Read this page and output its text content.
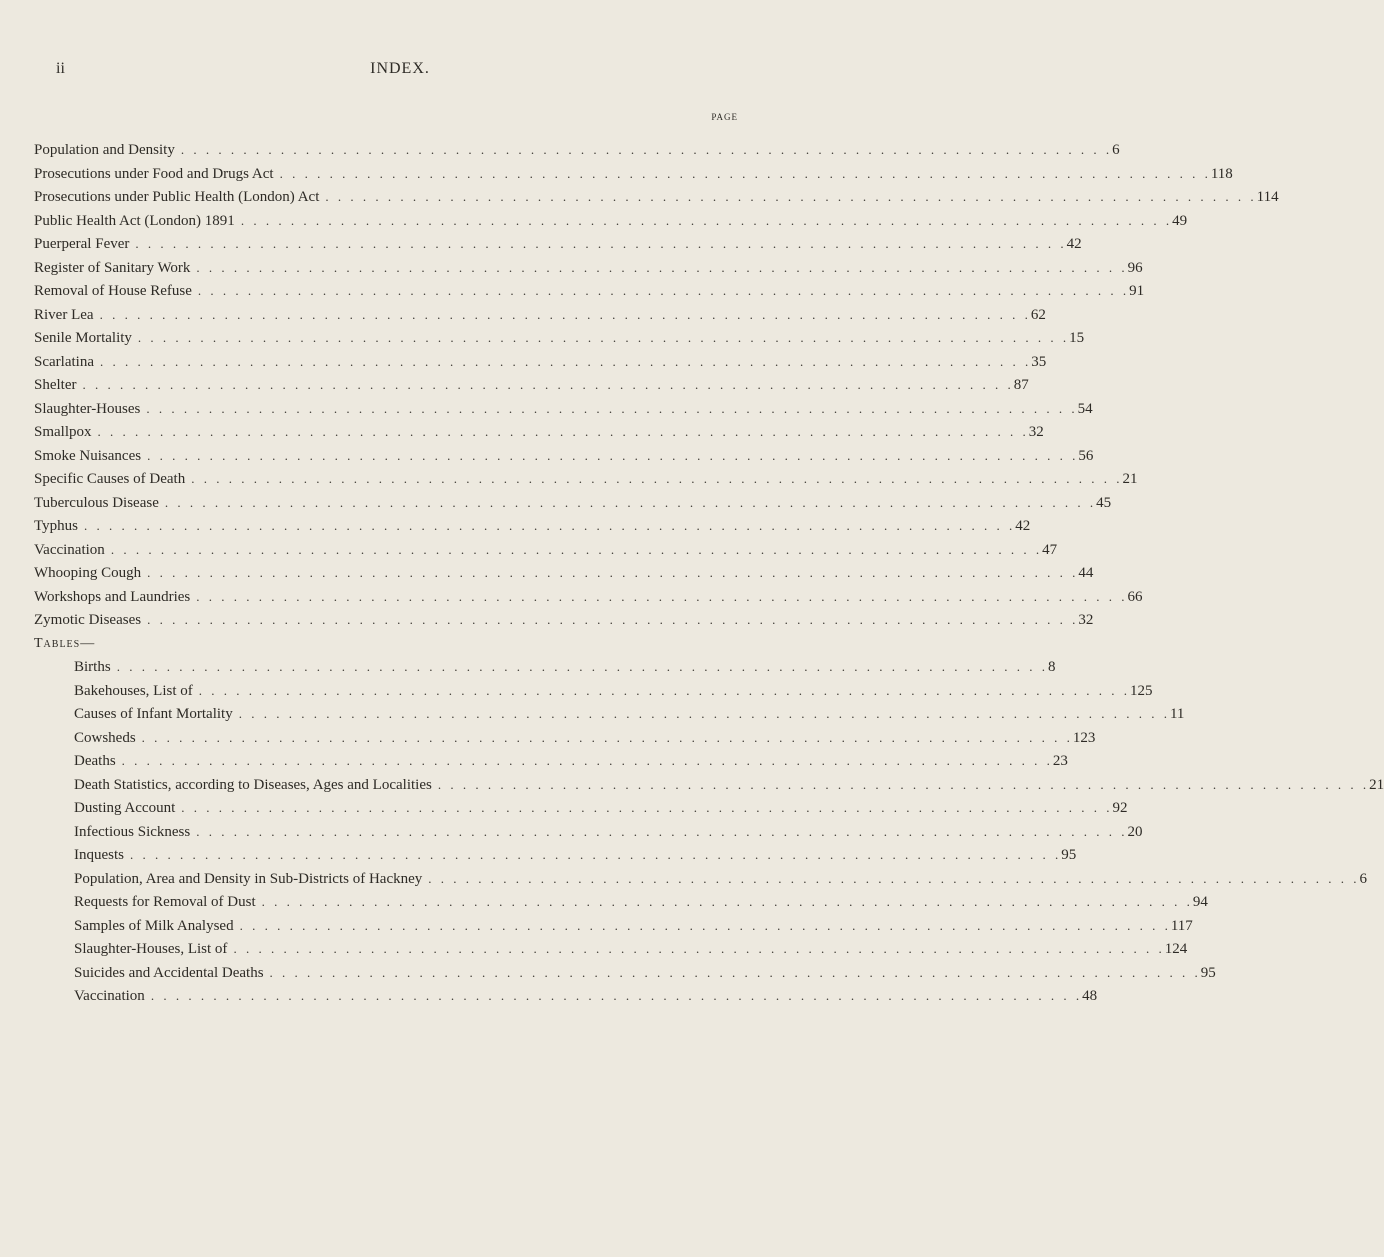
ii	INDEX.
PAGE
Population and Density . . . . . . . . . . . . . . . . . . . . . . . . . . . . . . . . . . . . . . . . . . . . . . . . . . . . . . . . . . . . . . . . . . . . . . . . . . . 6
Prosecutions under Food and Drugs Act . . . . . . . . . . . . . . . . . . . . . . . . . . . . . . . . . . . . . . . . . . . . . . . . . . . . . . . . . . . . . . . . . . . . . . . . . . . 118
Prosecutions under Public Health (London) Act . . . . . . . . . . . . . . . . . . . . . . . . . . . . . . . . . . . . . . . . . . . . . . . . . . . . . . . . . . . . . . . . . . . . . . . . . . . 114
Public Health Act (London) 1891 . . . . . . . . . . . . . . . . . . . . . . . . . . . . . . . . . . . . . . . . . . . . . . . . . . . . . . . . . . . . . . . . . . . . . . . . . . . 49
Puerperal Fever . . . . . . . . . . . . . . . . . . . . . . . . . . . . . . . . . . . . . . . . . . . . . . . . . . . . . . . . . . . . . . . . . . . . . . . . . . . 42
Register of Sanitary Work . . . . . . . . . . . . . . . . . . . . . . . . . . . . . . . . . . . . . . . . . . . . . . . . . . . . . . . . . . . . . . . . . . . . . . . . . . . 96
Removal of House Refuse . . . . . . . . . . . . . . . . . . . . . . . . . . . . . . . . . . . . . . . . . . . . . . . . . . . . . . . . . . . . . . . . . . . . . . . . . . . 91
River Lea . . . . . . . . . . . . . . . . . . . . . . . . . . . . . . . . . . . . . . . . . . . . . . . . . . . . . . . . . . . . . . . . . . . . . . . . . . . 62
Senile Mortality . . . . . . . . . . . . . . . . . . . . . . . . . . . . . . . . . . . . . . . . . . . . . . . . . . . . . . . . . . . . . . . . . . . . . . . . . . . 15
Scarlatina . . . . . . . . . . . . . . . . . . . . . . . . . . . . . . . . . . . . . . . . . . . . . . . . . . . . . . . . . . . . . . . . . . . . . . . . . . . 35
Shelter . . . . . . . . . . . . . . . . . . . . . . . . . . . . . . . . . . . . . . . . . . . . . . . . . . . . . . . . . . . . . . . . . . . . . . . . . . . 87
Slaughter-Houses . . . . . . . . . . . . . . . . . . . . . . . . . . . . . . . . . . . . . . . . . . . . . . . . . . . . . . . . . . . . . . . . . . . . . . . . . . . 54
Smallpox . . . . . . . . . . . . . . . . . . . . . . . . . . . . . . . . . . . . . . . . . . . . . . . . . . . . . . . . . . . . . . . . . . . . . . . . . . . 32
Smoke Nuisances . . . . . . . . . . . . . . . . . . . . . . . . . . . . . . . . . . . . . . . . . . . . . . . . . . . . . . . . . . . . . . . . . . . . . . . . . . . 56
Specific Causes of Death . . . . . . . . . . . . . . . . . . . . . . . . . . . . . . . . . . . . . . . . . . . . . . . . . . . . . . . . . . . . . . . . . . . . . . . . . . . 21
Tuberculous Disease . . . . . . . . . . . . . . . . . . . . . . . . . . . . . . . . . . . . . . . . . . . . . . . . . . . . . . . . . . . . . . . . . . . . . . . . . . . 45
Typhus . . . . . . . . . . . . . . . . . . . . . . . . . . . . . . . . . . . . . . . . . . . . . . . . . . . . . . . . . . . . . . . . . . . . . . . . . . . 42
Vaccination . . . . . . . . . . . . . . . . . . . . . . . . . . . . . . . . . . . . . . . . . . . . . . . . . . . . . . . . . . . . . . . . . . . . . . . . . . . 47
Whooping Cough . . . . . . . . . . . . . . . . . . . . . . . . . . . . . . . . . . . . . . . . . . . . . . . . . . . . . . . . . . . . . . . . . . . . . . . . . . . 44
Workshops and Laundries . . . . . . . . . . . . . . . . . . . . . . . . . . . . . . . . . . . . . . . . . . . . . . . . . . . . . . . . . . . . . . . . . . . . . . . . . . . 66
Zymotic Diseases . . . . . . . . . . . . . . . . . . . . . . . . . . . . . . . . . . . . . . . . . . . . . . . . . . . . . . . . . . . . . . . . . . . . . . . . . . . 32
Tables—
Births . . . . . . . . . . . . . . . . . . . . . . . . . . . . . . . . . . . . . . . . . . . . . . . . . . . . . . . . . . . . . . . . . . . . . . . . . . . 8
Bakehouses, List of . . . . . . . . . . . . . . . . . . . . . . . . . . . . . . . . . . . . . . . . . . . . . . . . . . . . . . . . . . . . . . . . . . . . . . . . . . . 125
Causes of Infant Mortality . . . . . . . . . . . . . . . . . . . . . . . . . . . . . . . . . . . . . . . . . . . . . . . . . . . . . . . . . . . . . . . . . . . . . . . . . . . 11
Cowsheds . . . . . . . . . . . . . . . . . . . . . . . . . . . . . . . . . . . . . . . . . . . . . . . . . . . . . . . . . . . . . . . . . . . . . . . . . . . 123
Deaths . . . . . . . . . . . . . . . . . . . . . . . . . . . . . . . . . . . . . . . . . . . . . . . . . . . . . . . . . . . . . . . . . . . . . . . . . . . 23
Death Statistics, according to Diseases, Ages and Localities . . . . . . . . . . . . . . . . . . . . . . . . . . . . . . . . . . . . . . . . . . . . . . . . . . . . . . . . . . . . . . . . . . . . . . . . . . . 21
Dusting Account . . . . . . . . . . . . . . . . . . . . . . . . . . . . . . . . . . . . . . . . . . . . . . . . . . . . . . . . . . . . . . . . . . . . . . . . . . . 92
Infectious Sickness . . . . . . . . . . . . . . . . . . . . . . . . . . . . . . . . . . . . . . . . . . . . . . . . . . . . . . . . . . . . . . . . . . . . . . . . . . . 20
Inquests . . . . . . . . . . . . . . . . . . . . . . . . . . . . . . . . . . . . . . . . . . . . . . . . . . . . . . . . . . . . . . . . . . . . . . . . . . . 95
Population, Area and Density in Sub-Districts of Hackney . . . . . . . . . . . . . . . . . . . . . . . . . . . . . . . . . . . . . . . . . . . . . . . . . . . . . . . . . . . . . . . . . . . . . . . . . . . 6
Requests for Removal of Dust . . . . . . . . . . . . . . . . . . . . . . . . . . . . . . . . . . . . . . . . . . . . . . . . . . . . . . . . . . . . . . . . . . . . . . . . . . . 94
Samples of Milk Analysed . . . . . . . . . . . . . . . . . . . . . . . . . . . . . . . . . . . . . . . . . . . . . . . . . . . . . . . . . . . . . . . . . . . . . . . . . . . 117
Slaughter-Houses, List of . . . . . . . . . . . . . . . . . . . . . . . . . . . . . . . . . . . . . . . . . . . . . . . . . . . . . . . . . . . . . . . . . . . . . . . . . . . 124
Suicides and Accidental Deaths . . . . . . . . . . . . . . . . . . . . . . . . . . . . . . . . . . . . . . . . . . . . . . . . . . . . . . . . . . . . . . . . . . . . . . . . . . . 95
Vaccination . . . . . . . . . . . . . . . . . . . . . . . . . . . . . . . . . . . . . . . . . . . . . . . . . . . . . . . . . . . . . . . . . . . . . . . . . . . 48
